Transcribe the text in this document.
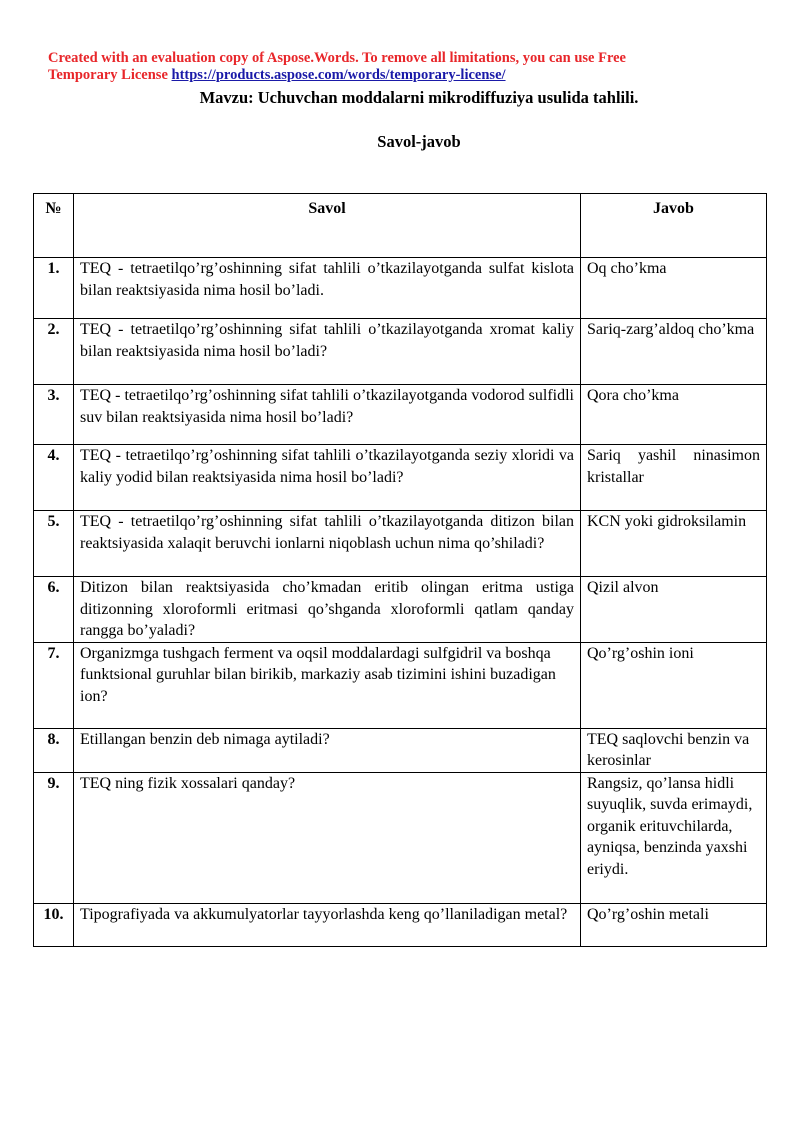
Created with an evaluation copy of Aspose.Words. To remove all limitations, you can use Free
Temporary License https://products.aspose.com/words/temporary-license/
Mavzu: Uchuvchan moddalarni mikrodiffuziya usulida tahlili.
Savol-javob
№	Savol	Javob
1.	TEQ - tetraetilqo’rg’oshinning sifat tahlili o’tkazilayotganda sulfat kislota bilan reaktsiyasida nima hosil bo’ladi.	Oq cho’kma
2.	TEQ - tetraetilqo’rg’oshinning sifat tahlili o’tkazilayotganda xromat kaliy bilan reaktsiyasida nima hosil bo’ladi?	Sariq-zarg’aldoq cho’kma
3.	TEQ - tetraetilqo’rg’oshinning sifat tahlili o’tkazilayotganda vodorod sulfidli suv bilan reaktsiyasida nima hosil bo’ladi?	Qora cho’kma
4.	TEQ - tetraetilqo’rg’oshinning sifat tahlili o’tkazilayotganda seziy xloridi va kaliy yodid bilan reaktsiyasida nima hosil bo’ladi?	Sariq yashil ninasimon kristallar
5.	TEQ - tetraetilqo’rg’oshinning sifat tahlili o’tkazilayotganda ditizon bilan reaktsiyasida xalaqit beruvchi ionlarni niqoblash uchun nima qo’shiladi?	KCN yoki gidroksilamin
6.	Ditizon bilan reaktsiyasida cho’kmadan eritib olingan eritma ustiga ditizonning xloroformli eritmasi qo’shganda xloroformli qatlam qanday rangga bo’yaladi?	Qizil alvon
7.	Organizmga tushgach ferment va oqsil moddalardagi sulfgidril va boshqa funktsional guruhlar bilan birikib, markaziy asab tizimini ishini buzadigan ion?	Qo’rg’oshin ioni
8.	Etillangan benzin deb nimaga aytiladi?	TEQ saqlovchi benzin va kerosinlar
9.	TEQ ning fizik xossalari qanday?	Rangsiz, qo’lansa hidli suyuqlik, suvda erimaydi, organik erituvchilarda, ayniqsa, benzinda yaxshi eriydi.
10.	Tipografiyada va akkumulyatorlar tayyorlashda keng qo’llaniladigan metal?	Qo’rg’oshin metali
